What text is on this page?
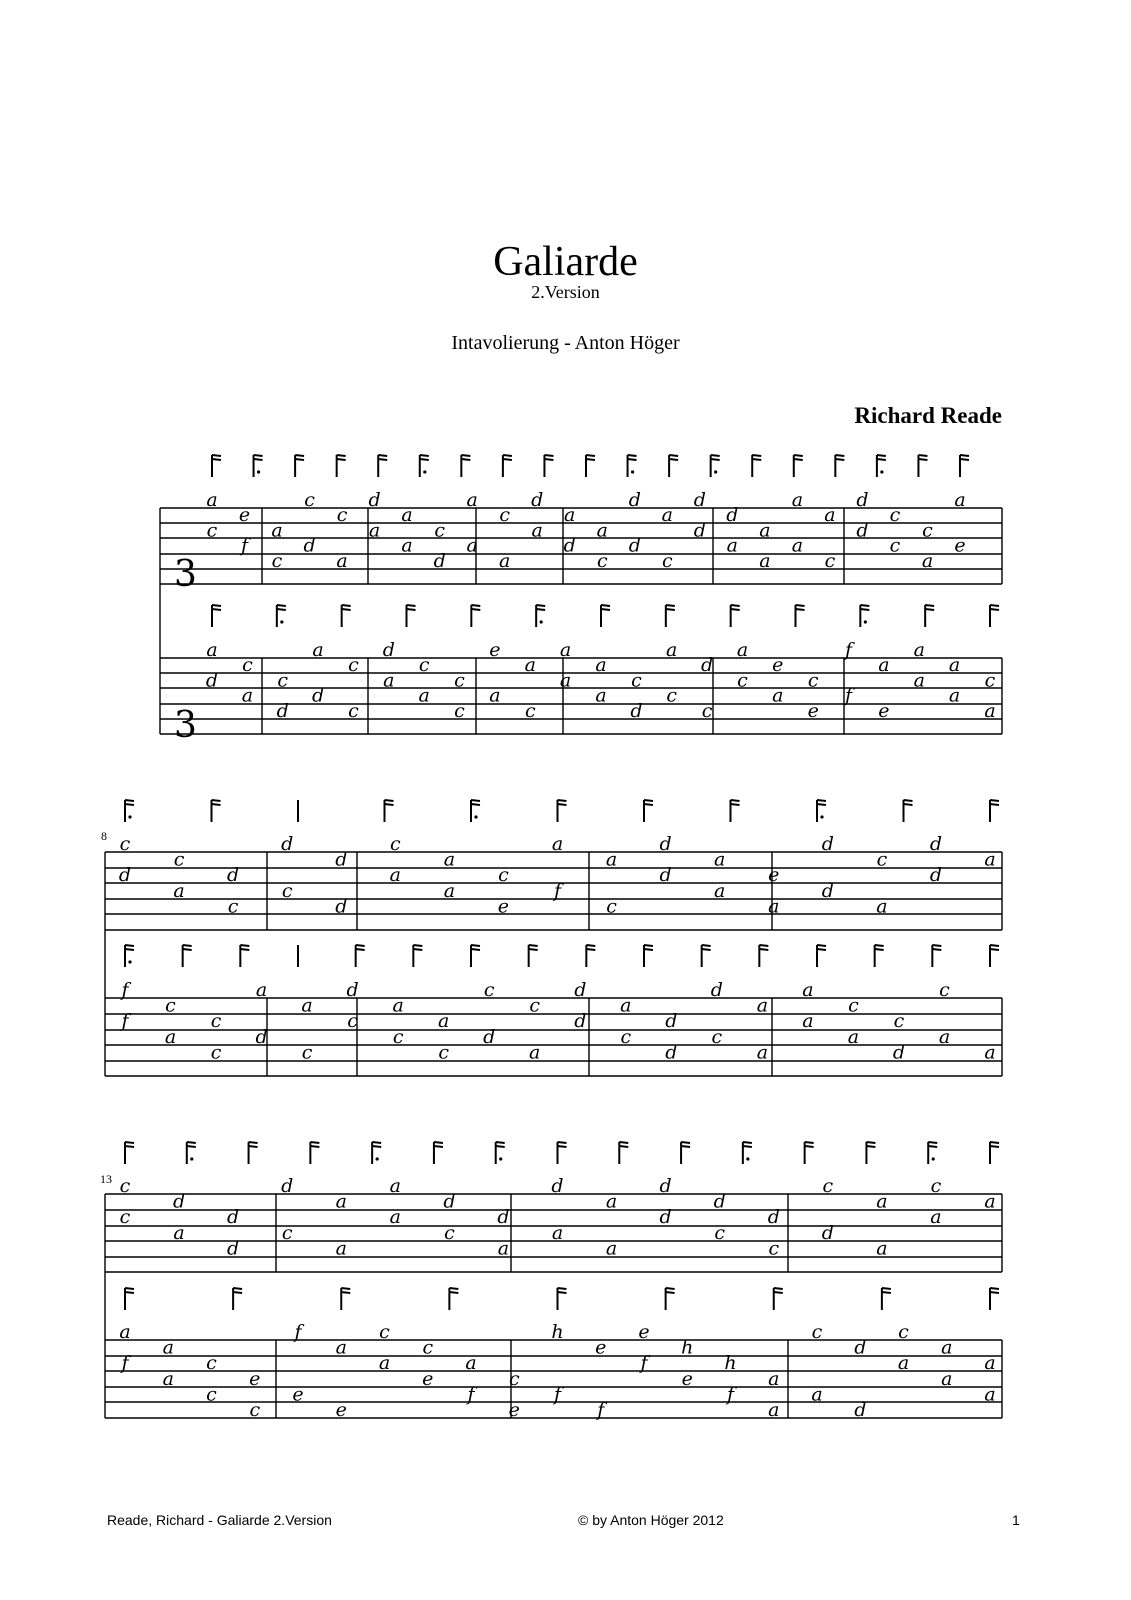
Galiarde
2.Version
Intavolierung - Anton Höger
Richard Reade
3
3
8
13
a
c
e
f
a
c
d
c
a
c
d
a
a
a
c
d
a
a
a
c
d
a
a
d
a
c
d
d
c
a
d
d
d
a
a
a
a
a
c
a
d
d
c
c
c
a
e
a
a
d
c
a
c
d
d
a
c
c
d
a
c
a
c
c
a
e
c
a
a
a
a
a
c
d
c
a
c
d
a
c
e
a
c
e
f
f
e
a
a
a
a
a
c
a
c
d
c
a
d
c
c
d
d
d
c
a
a
a
c
e
f
a
c
a
d
d
a
a
e
a
d
d
a
c
d
d
a
f
f
c
a
c
c
d
a
c
a
d
c
a
c
a
c
d
c
a
c
d
d
a
c
d
d
c
d
a
a
a
a
c
a
c
d
a
c
a
c
c
d
a
d
d
c
d
a
a
a
a
d
c
d
a
a
d
a
a
d
d
d
c
d
c
d
c
a
a
c
a
a
a
f
a
a
c
c
e
c
e
f
e
a
c
a
c
e
a
f
c
e
f
h
f
e
e
f
h
e
h
f
a
a
a
c
d
d
c
a
a
a
a
a
Reade, Richard - Galiarde 2.Version	© by Anton Höger 2012	1
